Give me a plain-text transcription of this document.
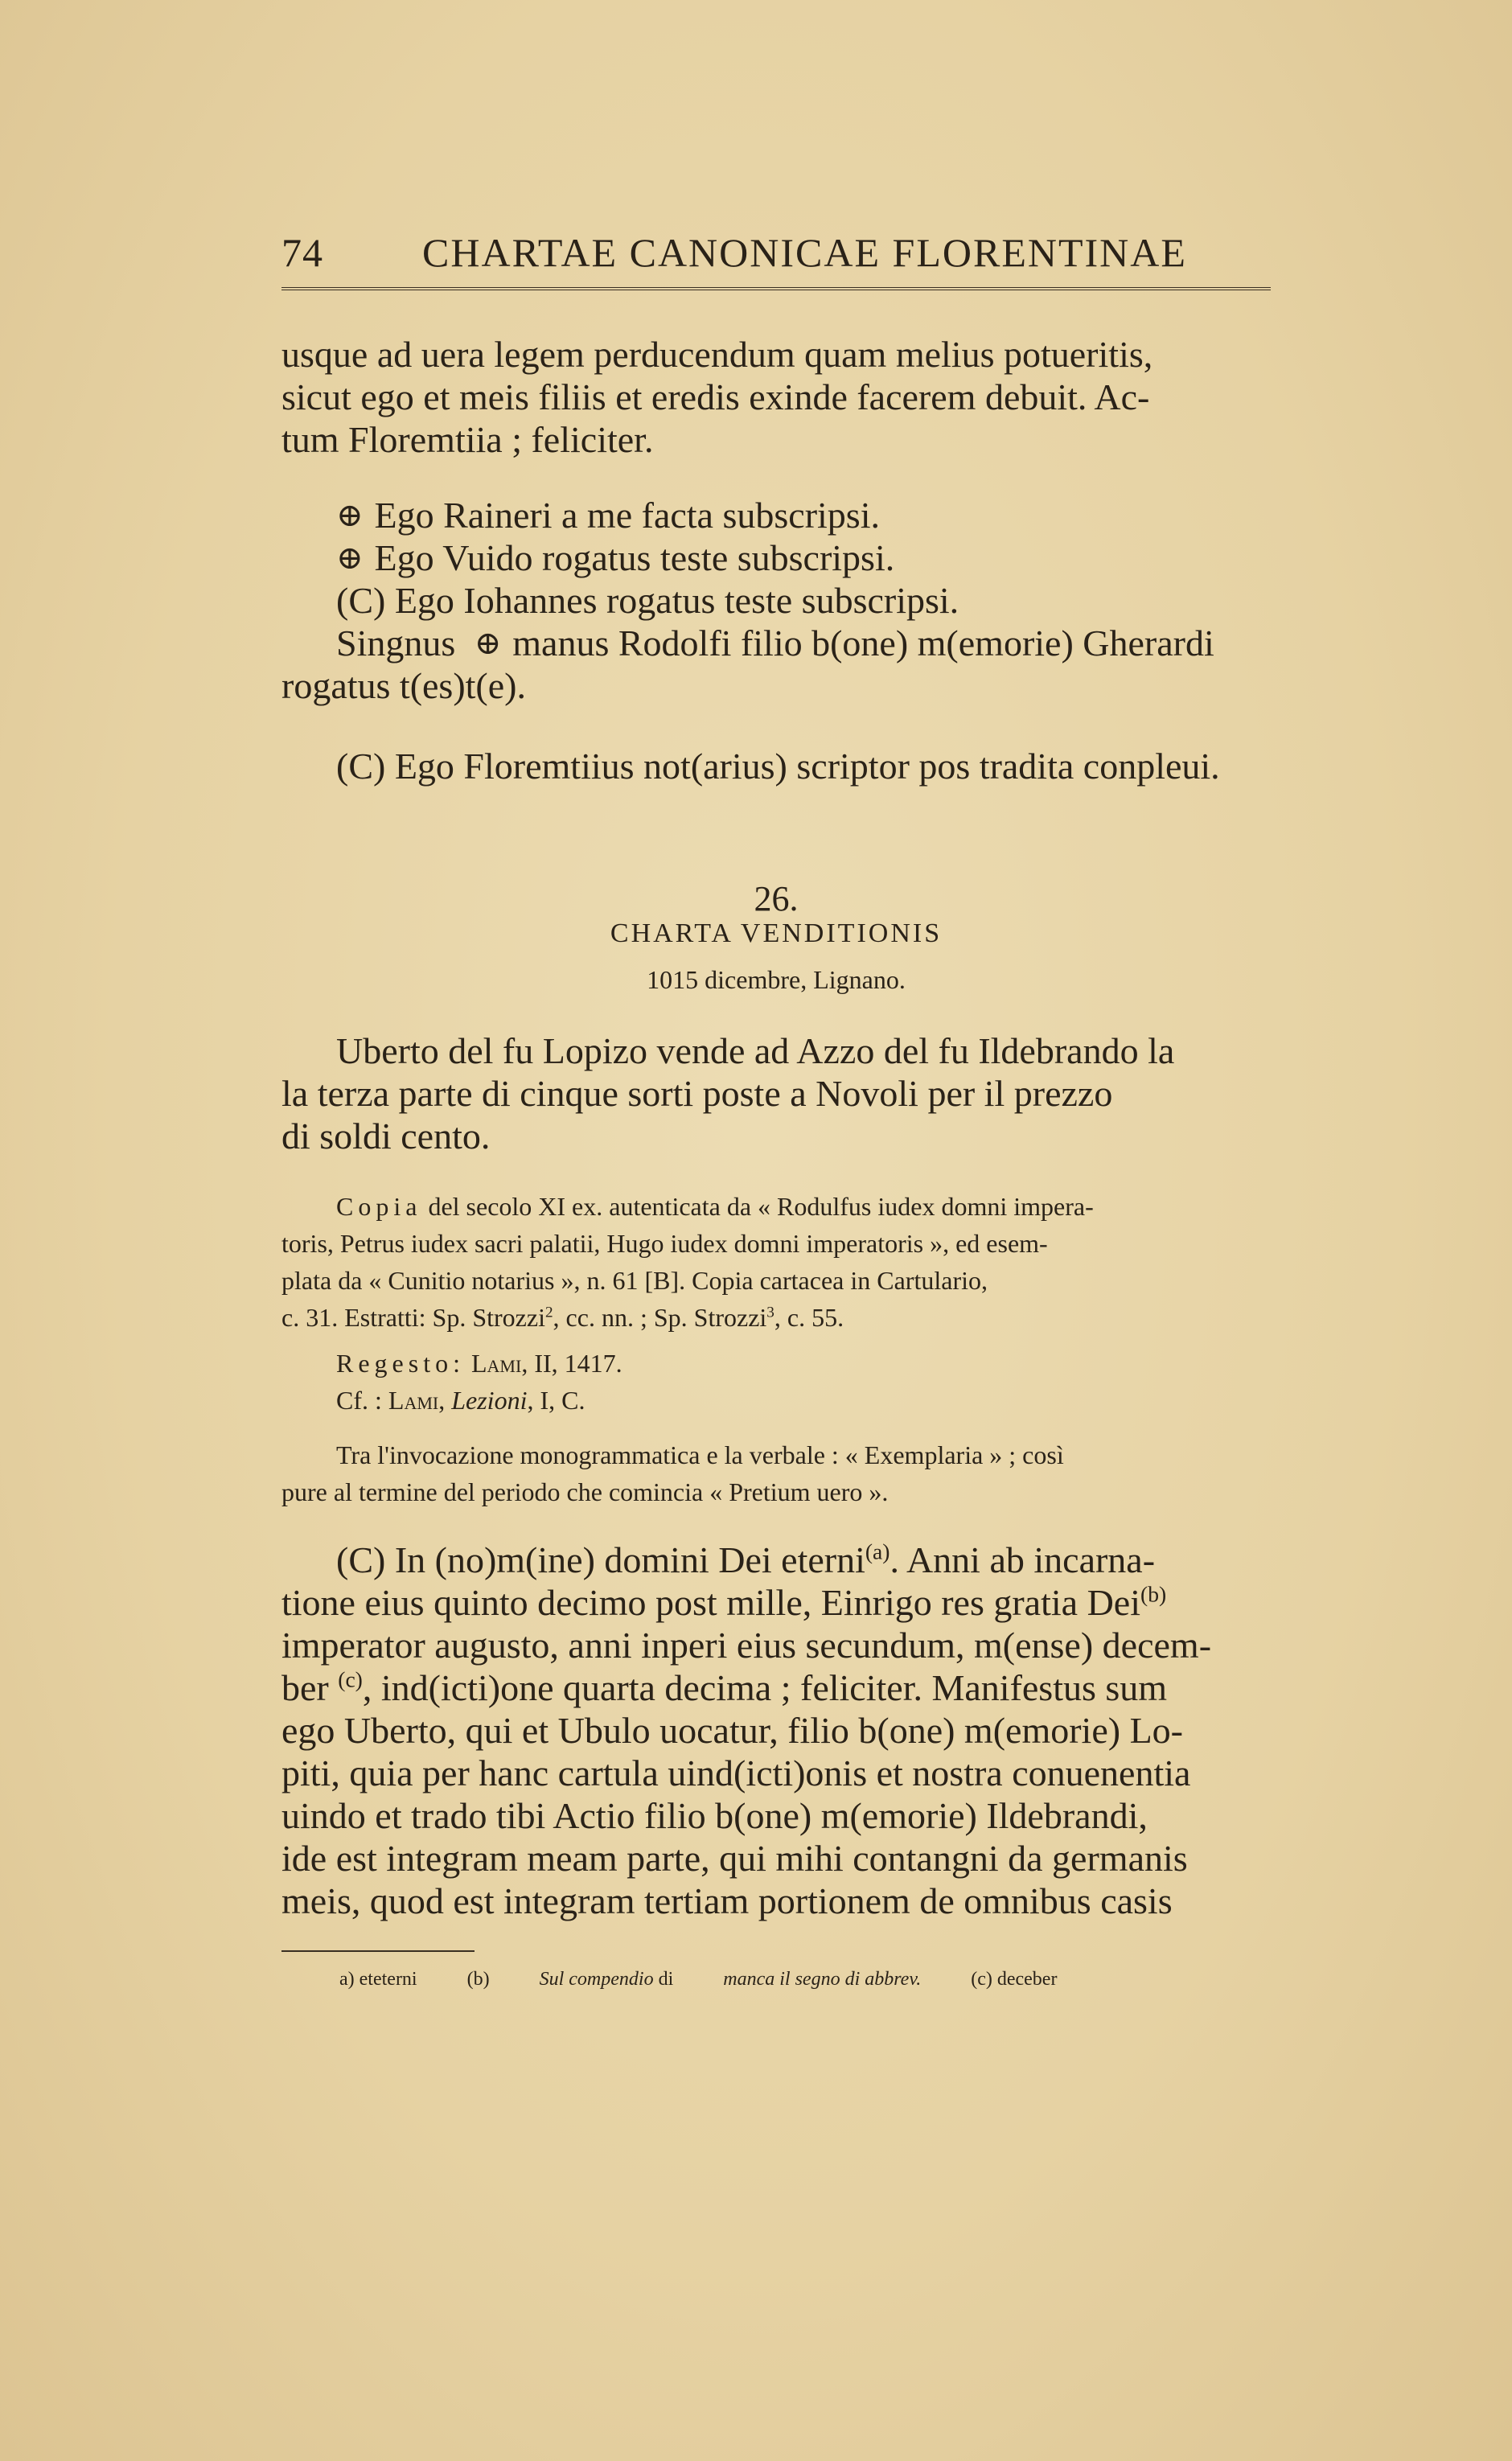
74 CHARTAE CANONICAE FLORENTINAE
usque ad uera legem perducendum quam melius potueritis,
sicut ego et meis filiis et eredis exinde facerem debuit. Ac-
tum Floremtiia ; feliciter.
⊕ Ego Raineri a me facta subscripsi.
⊕ Ego Vuido rogatus teste subscripsi.
(C) Ego Iohannes rogatus teste subscripsi.
Singnus ⊕ manus Rodolfi filio b(one) m(emorie) Gherardi
rogatus t(es)t(e).
(C) Ego Floremtiius not(arius) scriptor pos tradita conpleui.
26.
CHARTA VENDITIONIS
1015 dicembre, Lignano.
Uberto del fu Lopizo vende ad Azzo del fu Ildebrando la
la terza parte di cinque sorti poste a Novoli per il prezzo
di soldi cento.
Copia del secolo XI ex. autenticata da « Rodulfus iudex domni impera-
toris, Petrus iudex sacri palatii, Hugo iudex domni imperatoris », ed esem-
plata da « Cunitio notarius », n. 61 [B]. Copia cartacea in Cartulario,
c. 31. Estratti: Sp. Strozzi$^2$, cc. nn. ; Sp. Strozzi$^3$, c. 55.
Regesto: Lami, II, 1417.
Cf. : Lami, Lezioni, I, C.
Tra l'invocazione monogrammatica e la verbale : « Exemplaria » ; così
pure al termine del periodo che comincia « Pretium uero ».
(C) In (no)m(ine) domini Dei eterni$^{(a)}$. Anni ab incarna-
tione eius quinto decimo post mille, Einrigo res gratia Dei$^{(b)}$
imperator augusto, anni inperi eius secundum, m(ense) decem-
ber $^{(c)}$, ind(icti)one quarta decima ; feliciter. Manifestus sum
ego Uberto, qui et Ubulo uocatur, filio b(one) m(emorie) Lo-
piti, quia per hanc cartula uind(icti)onis et nostra conuenentia
uindo et trado tibi Actio filio b(one) m(emorie) Ildebrandi,
ide est integram meam parte, qui mihi contangni da germanis
meis, quod est integram tertiam portionem de omnibus casis
a) eteterni	(b)	Sul compendio di	manca il segno di abbrev.	(c) deceber
